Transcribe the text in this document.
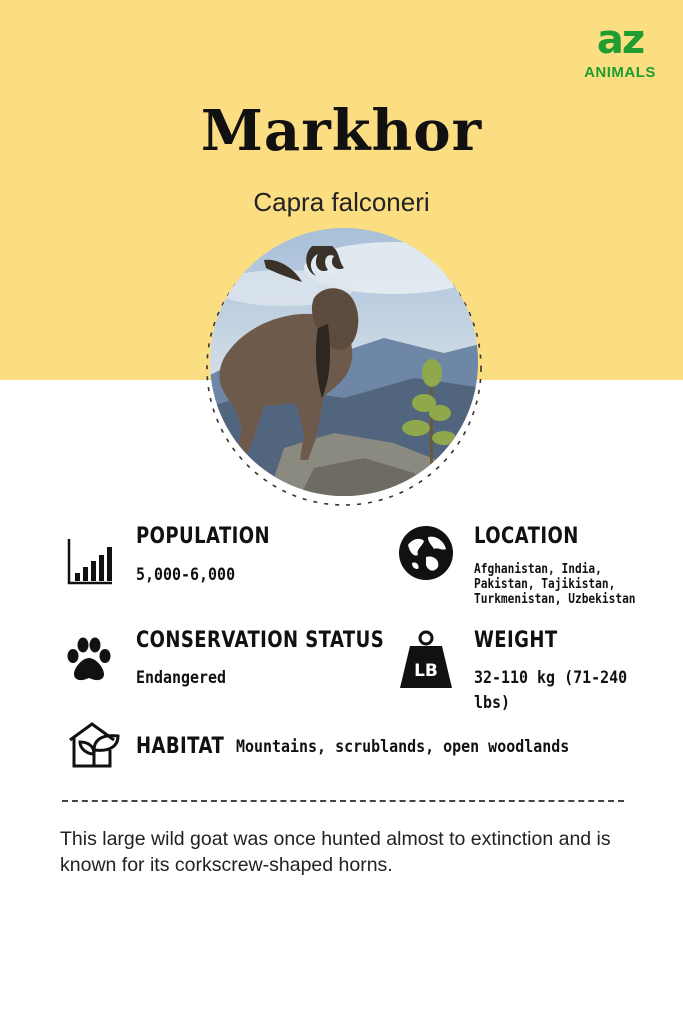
az
ANIMALS
Markhor
Capra falconeri
POPULATION
5,000-6,000
LOCATION
Afghanistan, India,
Pakistan, Tajikistan,
Turkmenistan, Uzbekistan
CONSERVATION STATUS
Endangered	LB
WEIGHT
32-110 kg (71-240
lbs)
HABITAT Mountains, scrublands, open woodlands
This large wild goat was once hunted almost to extinction and is known for its corkscrew-shaped horns.
